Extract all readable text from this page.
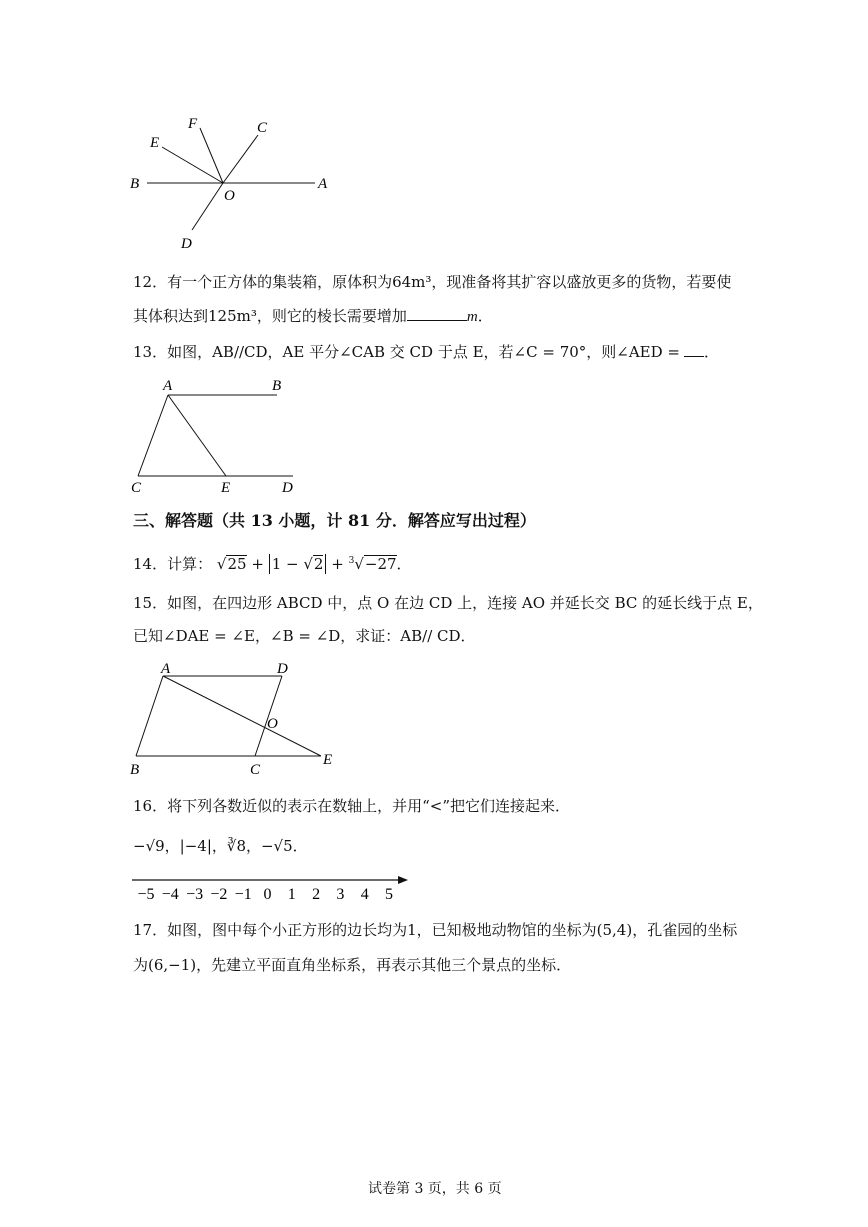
E
F	C
B
O
A
D
12．有一个正方体的集装箱，原体积为64m³，现准备将其扩容以盛放更多的货物，若要使
其体积达到125m³，则它的棱长需要增加	m．
13．如图，AB//CD，AE 平分∠CAB 交 CD 于点 E，若∠C = 70°，则∠AED = ．
A	B
C	E	D
三、解答题（共 13 小题，计 81 分．解答应写出过程）
14．计算： √25 + 1 − √2 + $^3$√−27．
15．如图，在四边形 ABCD 中，点 O 在边 CD 上，连接 AO 并延长交 BC 的延长线于点 E，
已知∠DAE = ∠E，∠B = ∠D，求证：AB// CD．
A	D
O
B	C
E
16．将下列各数近似的表示在数轴上，并用“<”把它们连接起来．
−√9，|−4|，∛8，−√5．
−5 −4 −3 −2 −1 0 1 2 3 4 5
17．如图，图中每个小正方形的边长均为1，已知极地动物馆的坐标为(5,4)，孔雀园的坐标
为(6,−1)，先建立平面直角坐标系，再表示其他三个景点的坐标．
试卷第 3 页，共 6 页
